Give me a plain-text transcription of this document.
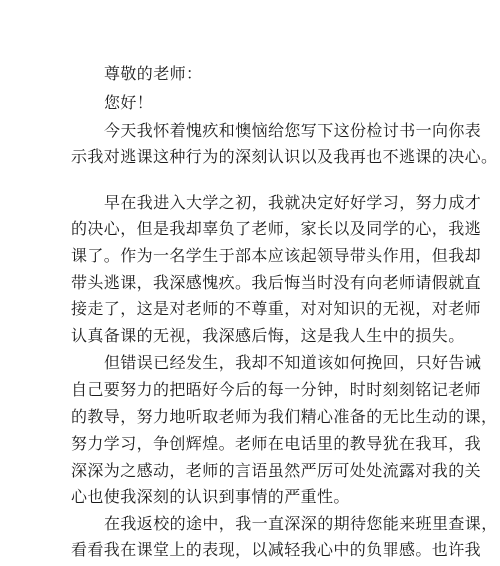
尊敬的老师：
您好！
今天我怀着愧疚和懊恼给您写下这份检讨书一向你表
示我对逃课这种行为的深刻认识以及我再也不逃课的决心。
早在我进入大学之初，我就决定好好学习，努力成才
的决心，但是我却辜负了老师，家长以及同学的心，我逃
课了。作为一名学生于部本应该起领导带头作用，但我却
带头逃课，我深感愧疚。我后悔当时没有向老师请假就直
接走了，这是对老师的不尊重，对对知识的无视，对老师
认真备课的无视，我深感后悔，这是我人生中的损失。
但错误已经发生，我却不知道该如何挽回，只好告诫
自己要努力的把晤好今后的每一分钟，时时刻刻铭记老师
的教导，努力地听取老师为我们精心准备的无比生动的课，
努力学习，争创辉煌。老师在电话里的教导犹在我耳，我
深深为之感动，老师的言语虽然严厉可处处流露对我的关
心也使我深刻的认识到事情的严重性。
在我返校的途中，我一直深深的期待您能来班里查课，
看看我在课堂上的表现，以减轻我心中的负罪感。也许我
